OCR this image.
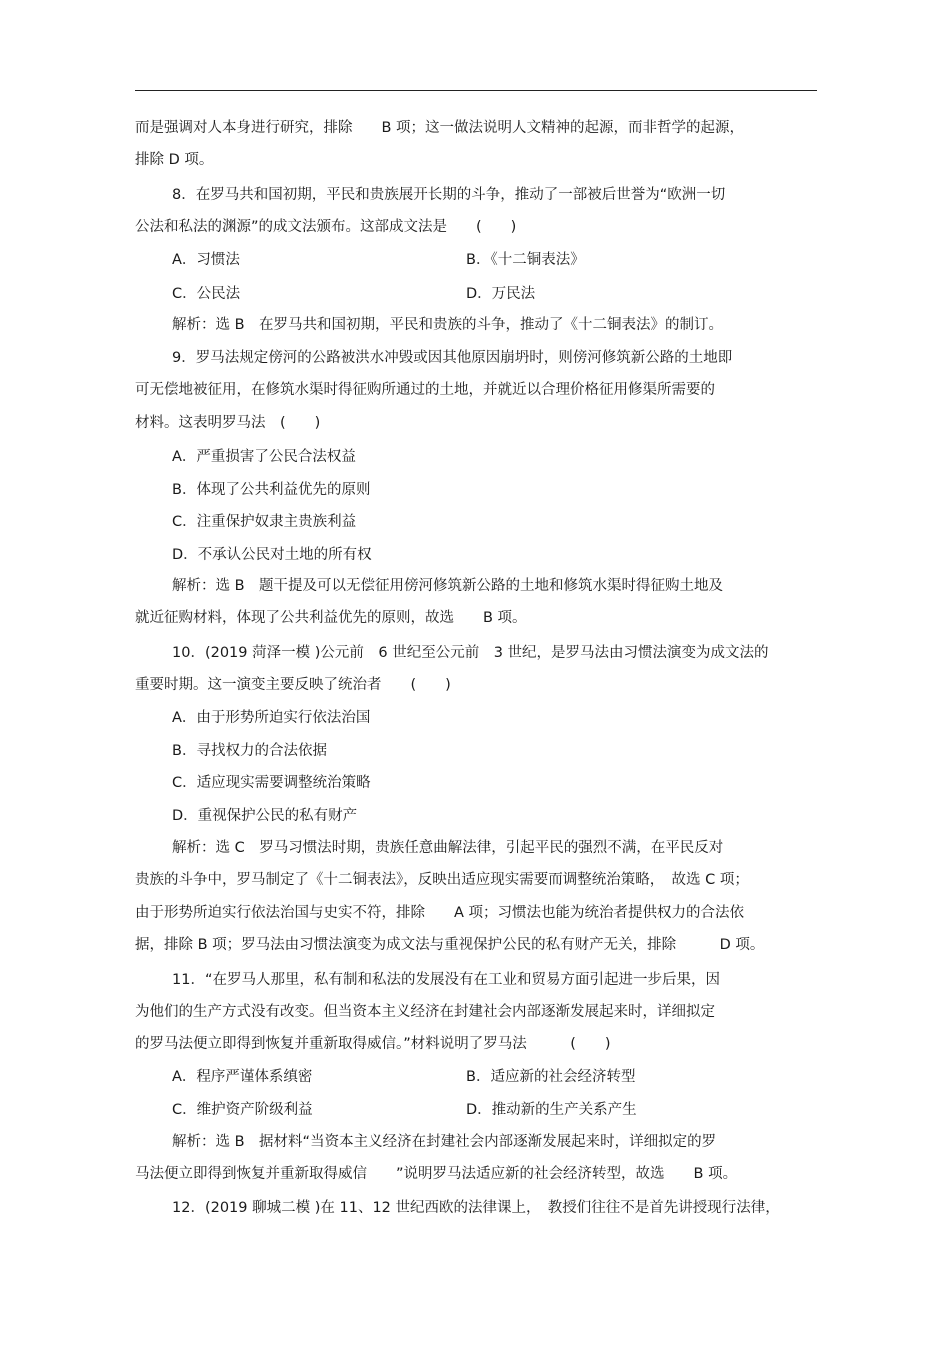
而是强调对人本身进行研究，排除　　B 项；这一做法说明人文精神的起源，而非哲学的起源，
排除 D 项。
8．在罗马共和国初期，平民和贵族展开长期的斗争，推动了一部被后世誉为“欧洲一切
公法和私法的渊源”的成文法颁布。这部成文法是　　(　　)
A．习惯法	B．《十二铜表法》
C．公民法	D．万民法
解析：选 B　在罗马共和国初期，平民和贵族的斗争，推动了《十二铜表法》的制订。
9．罗马法规定傍河的公路被洪水冲毁或因其他原因崩坍时，则傍河修筑新公路的土地即
可无偿地被征用，在修筑水渠时得征购所通过的土地，并就近以合理价格征用修渠所需要的
材料。这表明罗马法　(　　)
A．严重损害了公民合法权益
B．体现了公共利益优先的原则
C．注重保护奴隶主贵族利益
D．不承认公民对土地的所有权
解析：选 B　题干提及可以无偿征用傍河修筑新公路的土地和修筑水渠时得征购土地及
就近征购材料，体现了公共利益优先的原则，故选　　B 项。
10．(2019 菏泽一模 )公元前　6 世纪至公元前　3 世纪，是罗马法由习惯法演变为成文法的
重要时期。这一演变主要反映了统治者　　(　　)
A．由于形势所迫实行依法治国
B．寻找权力的合法依据
C．适应现实需要调整统治策略
D．重视保护公民的私有财产
解析：选 C　罗马习惯法时期，贵族任意曲解法律，引起平民的强烈不满，在平民反对
贵族的斗争中，罗马制定了《十二铜表法》，反映出适应现实需要而调整统治策略，　故选 C 项；
由于形势所迫实行依法治国与史实不符，排除　　A 项；习惯法也能为统治者提供权力的合法依
据，排除 B 项；罗马法由习惯法演变为成文法与重视保护公民的私有财产无关，排除　　　D 项。
11．“在罗马人那里，私有制和私法的发展没有在工业和贸易方面引起进一步后果，因
为他们的生产方式没有改变。但当资本主义经济在封建社会内部逐渐发展起来时，详细拟定
的罗马法便立即得到恢复并重新取得威信。”材料说明了罗马法　　　(　　)
A．程序严谨体系缜密	B．适应新的社会经济转型
C．维护资产阶级利益	D．推动新的生产关系产生
解析：选 B　据材料“当资本主义经济在封建社会内部逐渐发展起来时，详细拟定的罗
马法便立即得到恢复并重新取得威信　　”说明罗马法适应新的社会经济转型，故选　　B 项。
12．(2019 聊城二模 )在 11、12 世纪西欧的法律课上，　教授们往往不是首先讲授现行法律，
